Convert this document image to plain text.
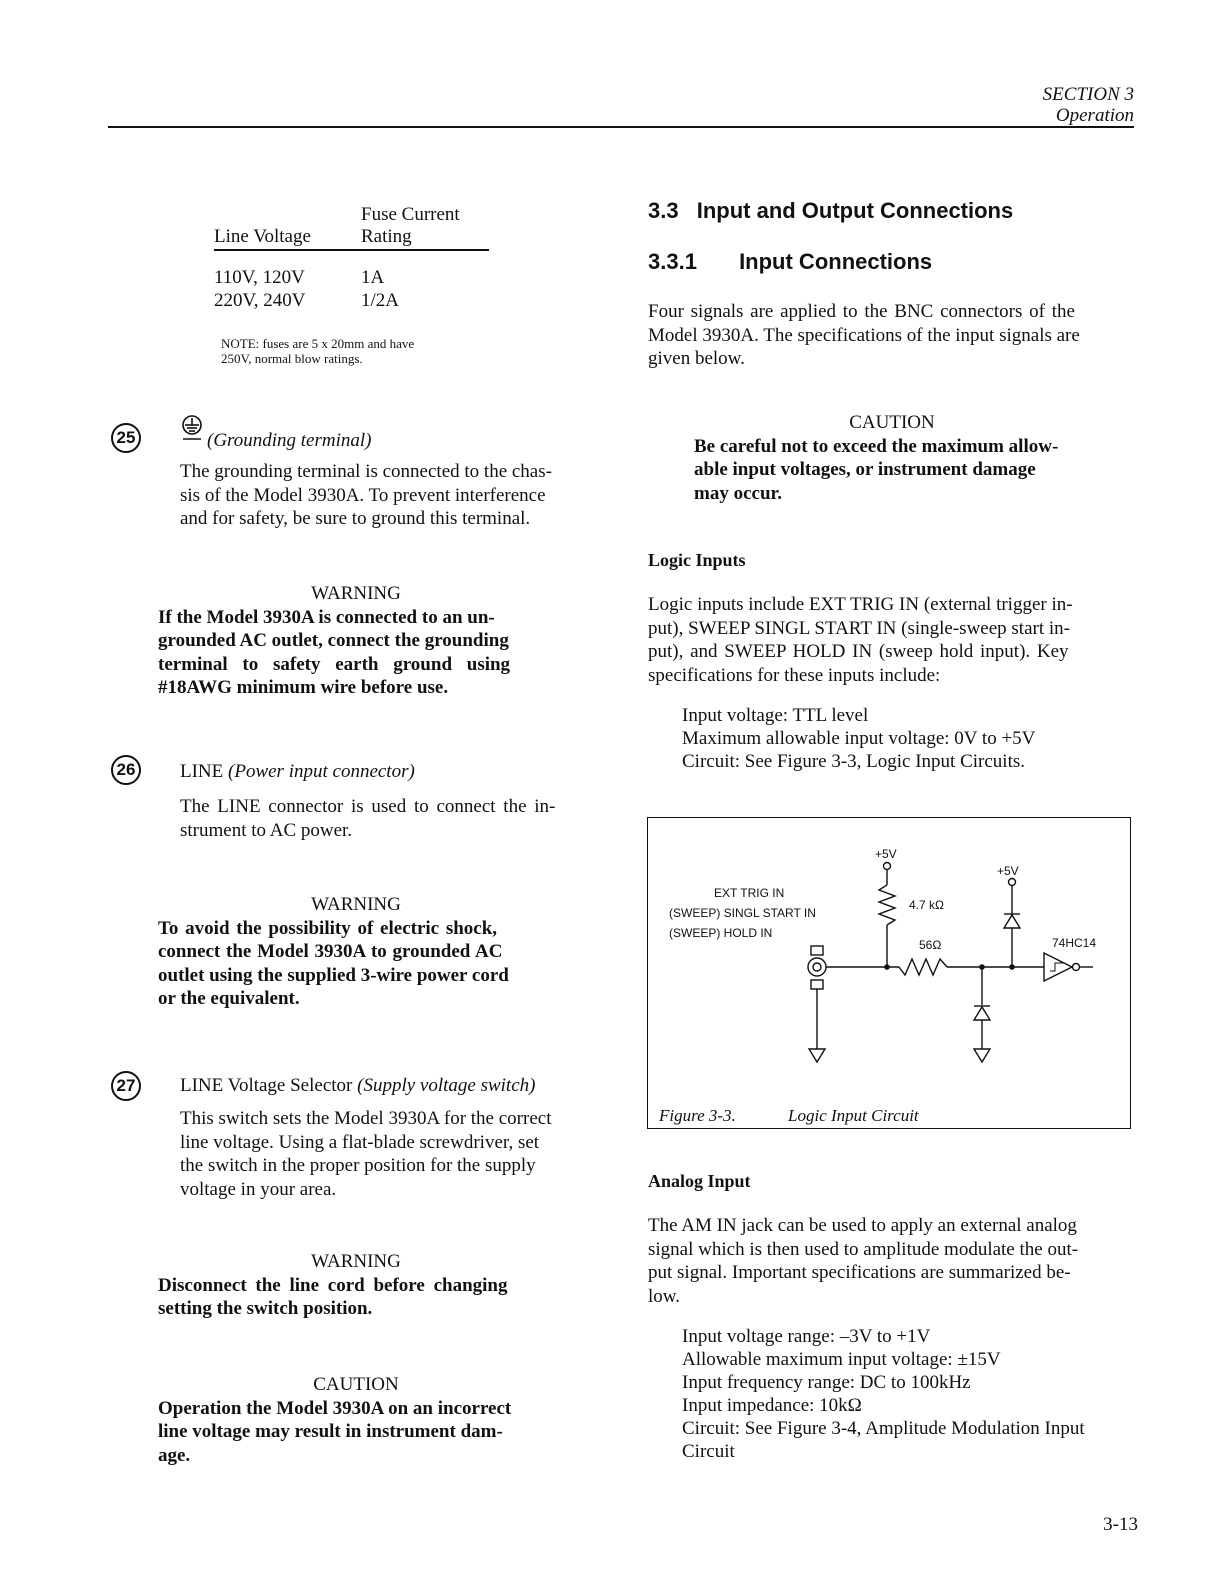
SECTION 3
Operation
Fuse Current
Line Voltage	Rating
110V, 120V	1A
220V, 240V	1/2A
NOTE: fuses are 5 x 20mm and have
250V, normal blow ratings.
25	(Grounding terminal)
The grounding terminal is connected to the chas-
sis of the Model 3930A. To prevent interference
and for safety, be sure to ground this terminal.
WARNING
If the Model 3930A is connected to an un-
grounded AC outlet, connect the grounding
terminal to safety earth ground using
#18AWG minimum wire before use.
26 LINE (Power input connector)
The LINE connector is used to connect the in-
strument to AC power.
WARNING
To avoid the possibility of electric shock,
connect the Model 3930A to grounded AC
outlet using the supplied 3-wire power cord
or the equivalent.
27 LINE Voltage Selector (Supply voltage switch)
This switch sets the Model 3930A for the correct
line voltage. Using a flat-blade screwdriver, set
the switch in the proper position for the supply
voltage in your area.
WARNING
Disconnect the line cord before changing
setting the switch position.
CAUTION
Operation the Model 3930A on an incorrect
line voltage may result in instrument dam-
age.
3.3 Input and Output Connections
3.3.1 Input Connections
Four signals are applied to the BNC connectors of the
Model 3930A. The specifications of the input signals are
given below.
CAUTION
Be careful not to exceed the maximum allow-
able input voltages, or instrument damage
may occur.
Logic Inputs
Logic inputs include EXT TRIG IN (external trigger in-
put), SWEEP SINGL START IN (single-sweep start in-
put), and SWEEP HOLD IN (sweep hold input). Key
specifications for these inputs include:
Input voltage: TTL level
Maximum allowable input voltage: 0V to +5V
Circuit: See Figure 3-3, Logic Input Circuits.
+5V
+5V
EXT TRIG IN
(SWEEP) SINGL START IN
(SWEEP) HOLD IN
4.7 kΩ
56Ω	74HC14
Figure 3-3.	Logic Input Circuit
Analog Input
The AM IN jack can be used to apply an external analog
signal which is then used to amplitude modulate the out-
put signal. Important specifications are summarized be-
low.
Input voltage range: –3V to +1V
Allowable maximum input voltage: ±15V
Input frequency range: DC to 100kHz
Input impedance: 10kΩ
Circuit: See Figure 3-4, Amplitude Modulation Input
Circuit
3-13
